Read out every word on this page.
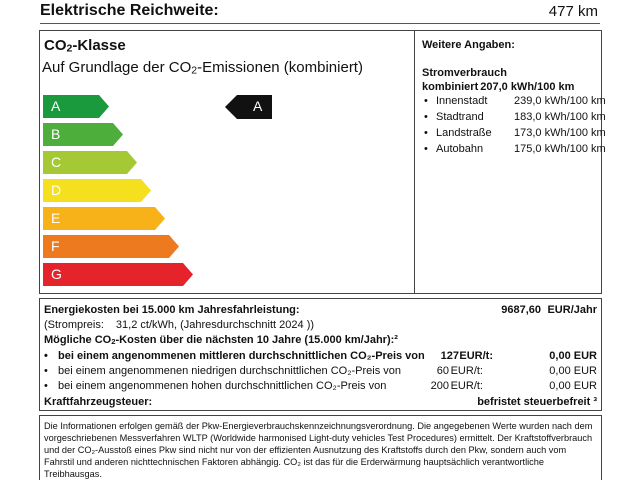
Elektrische Reichweite:	477 km
$CO_2$-Klasse
Auf Grundlage der $CO_2$-Emissionen (kombiniert)
A
B
C
D
E
F
G
A
Weitere Angaben:
Stromverbrauch
kombiniert 207,0 kWh/100 km
• Innenstadt 239,0 kWh/100 km
• Stadtrand	183,0 kWh/100 km
• Landstraße 173,0 kWh/100 km
• Autobahn	175,0 kWh/100 km
Energiekosten bei 15.000 km Jahresfahrleistung:	9687,60 EUR/Jahr
(Strompreis: 31,2 ct/kWh, (Jahresdurchschnitt 2024 ))
Mögliche $CO_2$-Kosten über die nächsten 10 Jahre (15.000 km/Jahr):²
• bei einem angenommenen mittleren durchschnittlichen CO₂-Preis von 127 EUR/t:	0,00 EUR
• bei einem angenommenen niedrigen durchschnittlichen CO₂-Preis von	60 EUR/t:	0,00 EUR
• bei einem angenommenen hohen durchschnittlichen CO₂-Preis von	200 EUR/t:	0,00 EUR
Kraftfahrzeugsteuer:	befristet steuerbefreit ³
Die Informationen erfolgen gemäß der Pkw-Energieverbrauchskennzeichnungsverordnung. Die angegebenen Werte wurden nach dem vorgeschriebenen Messverfahren WLTP (Worldwide harmonised Light-duty vehicles Test Procedures) ermittelt. Der Kraftstoffverbrauch und der CO₂-Ausstoß eines Pkw sind nicht nur von der effizienten Ausnutzung des Kraftstoffs durch den Pkw, sondern auch vom Fahrstil und anderen nichttechnischen Faktoren abhängig. CO₂ ist das für die Erderwärmung hauptsächlich verantwortliche Treibhausgas.
